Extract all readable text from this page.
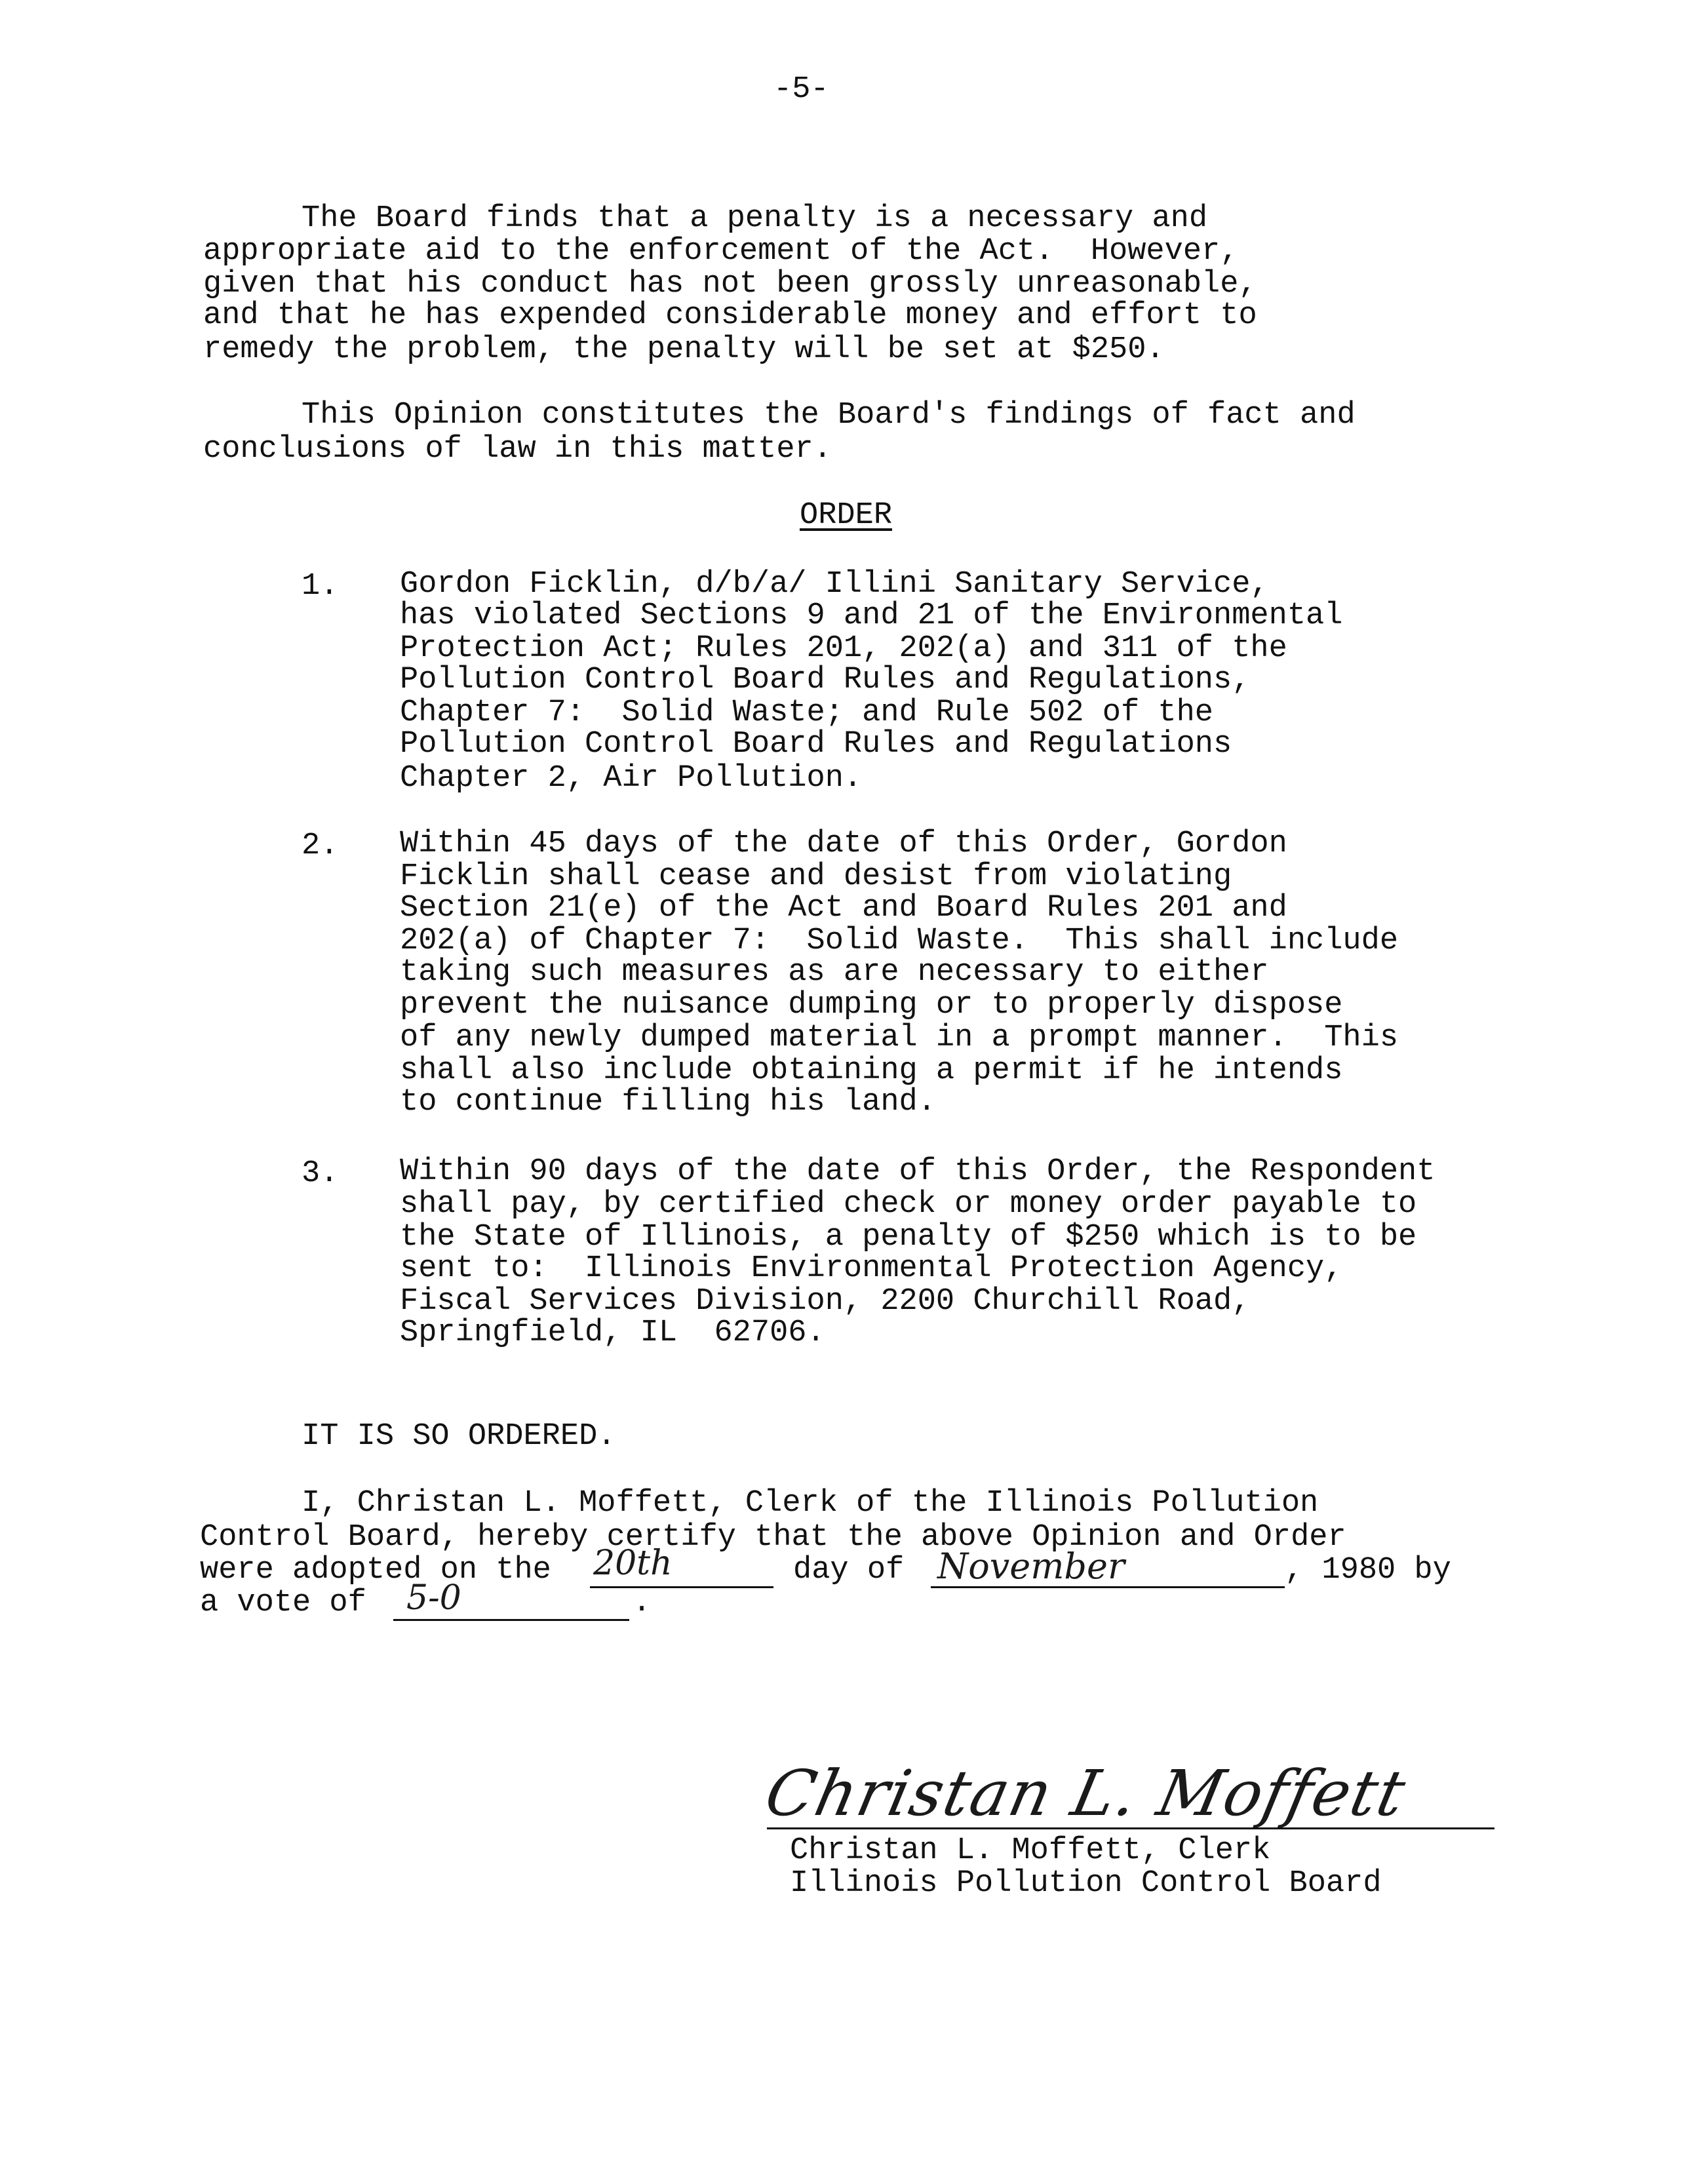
-5-
The Board finds that a penalty is a necessary and
appropriate aid to the enforcement of the Act.  However,
given that his conduct has not been grossly unreasonable,
and that he has expended considerable money and effort to
remedy the problem, the penalty will be set at $250.
This Opinion constitutes the Board's findings of fact and
conclusions of law in this matter.
ORDER
1. Gordon Ficklin, d/b/a/ Illini Sanitary Service,
has violated Sections 9 and 21 of the Environmental
Protection Act; Rules 201, 202(a) and 311 of the
Pollution Control Board Rules and Regulations,
Chapter 7:  Solid Waste; and Rule 502 of the
Pollution Control Board Rules and Regulations
Chapter 2, Air Pollution.
2. Within 45 days of the date of this Order, Gordon
Ficklin shall cease and desist from violating
Section 21(e) of the Act and Board Rules 201 and
202(a) of Chapter 7:  Solid Waste.  This shall include
taking such measures as are necessary to either
prevent the nuisance dumping or to properly dispose
of any newly dumped material in a prompt manner.  This
shall also include obtaining a permit if he intends
to continue filling his land.
3. Within 90 days of the date of this Order, the Respondent
shall pay, by certified check or money order payable to
the State of Illinois, a penalty of $250 which is to be
sent to:  Illinois Environmental Protection Agency,
Fiscal Services Division, 2200 Churchill Road,
Springfield, IL  62706.
IT IS SO ORDERED.
I, Christan L. Moffett, Clerk of the Illinois Pollution
Control Board, hereby certify that the above Opinion and Order
were adopted on the 20th	day of November	, 1980 by
a vote of 5-0	.
Christan L. Moffett
Christan L. Moffett, Clerk
Illinois Pollution Control Board
